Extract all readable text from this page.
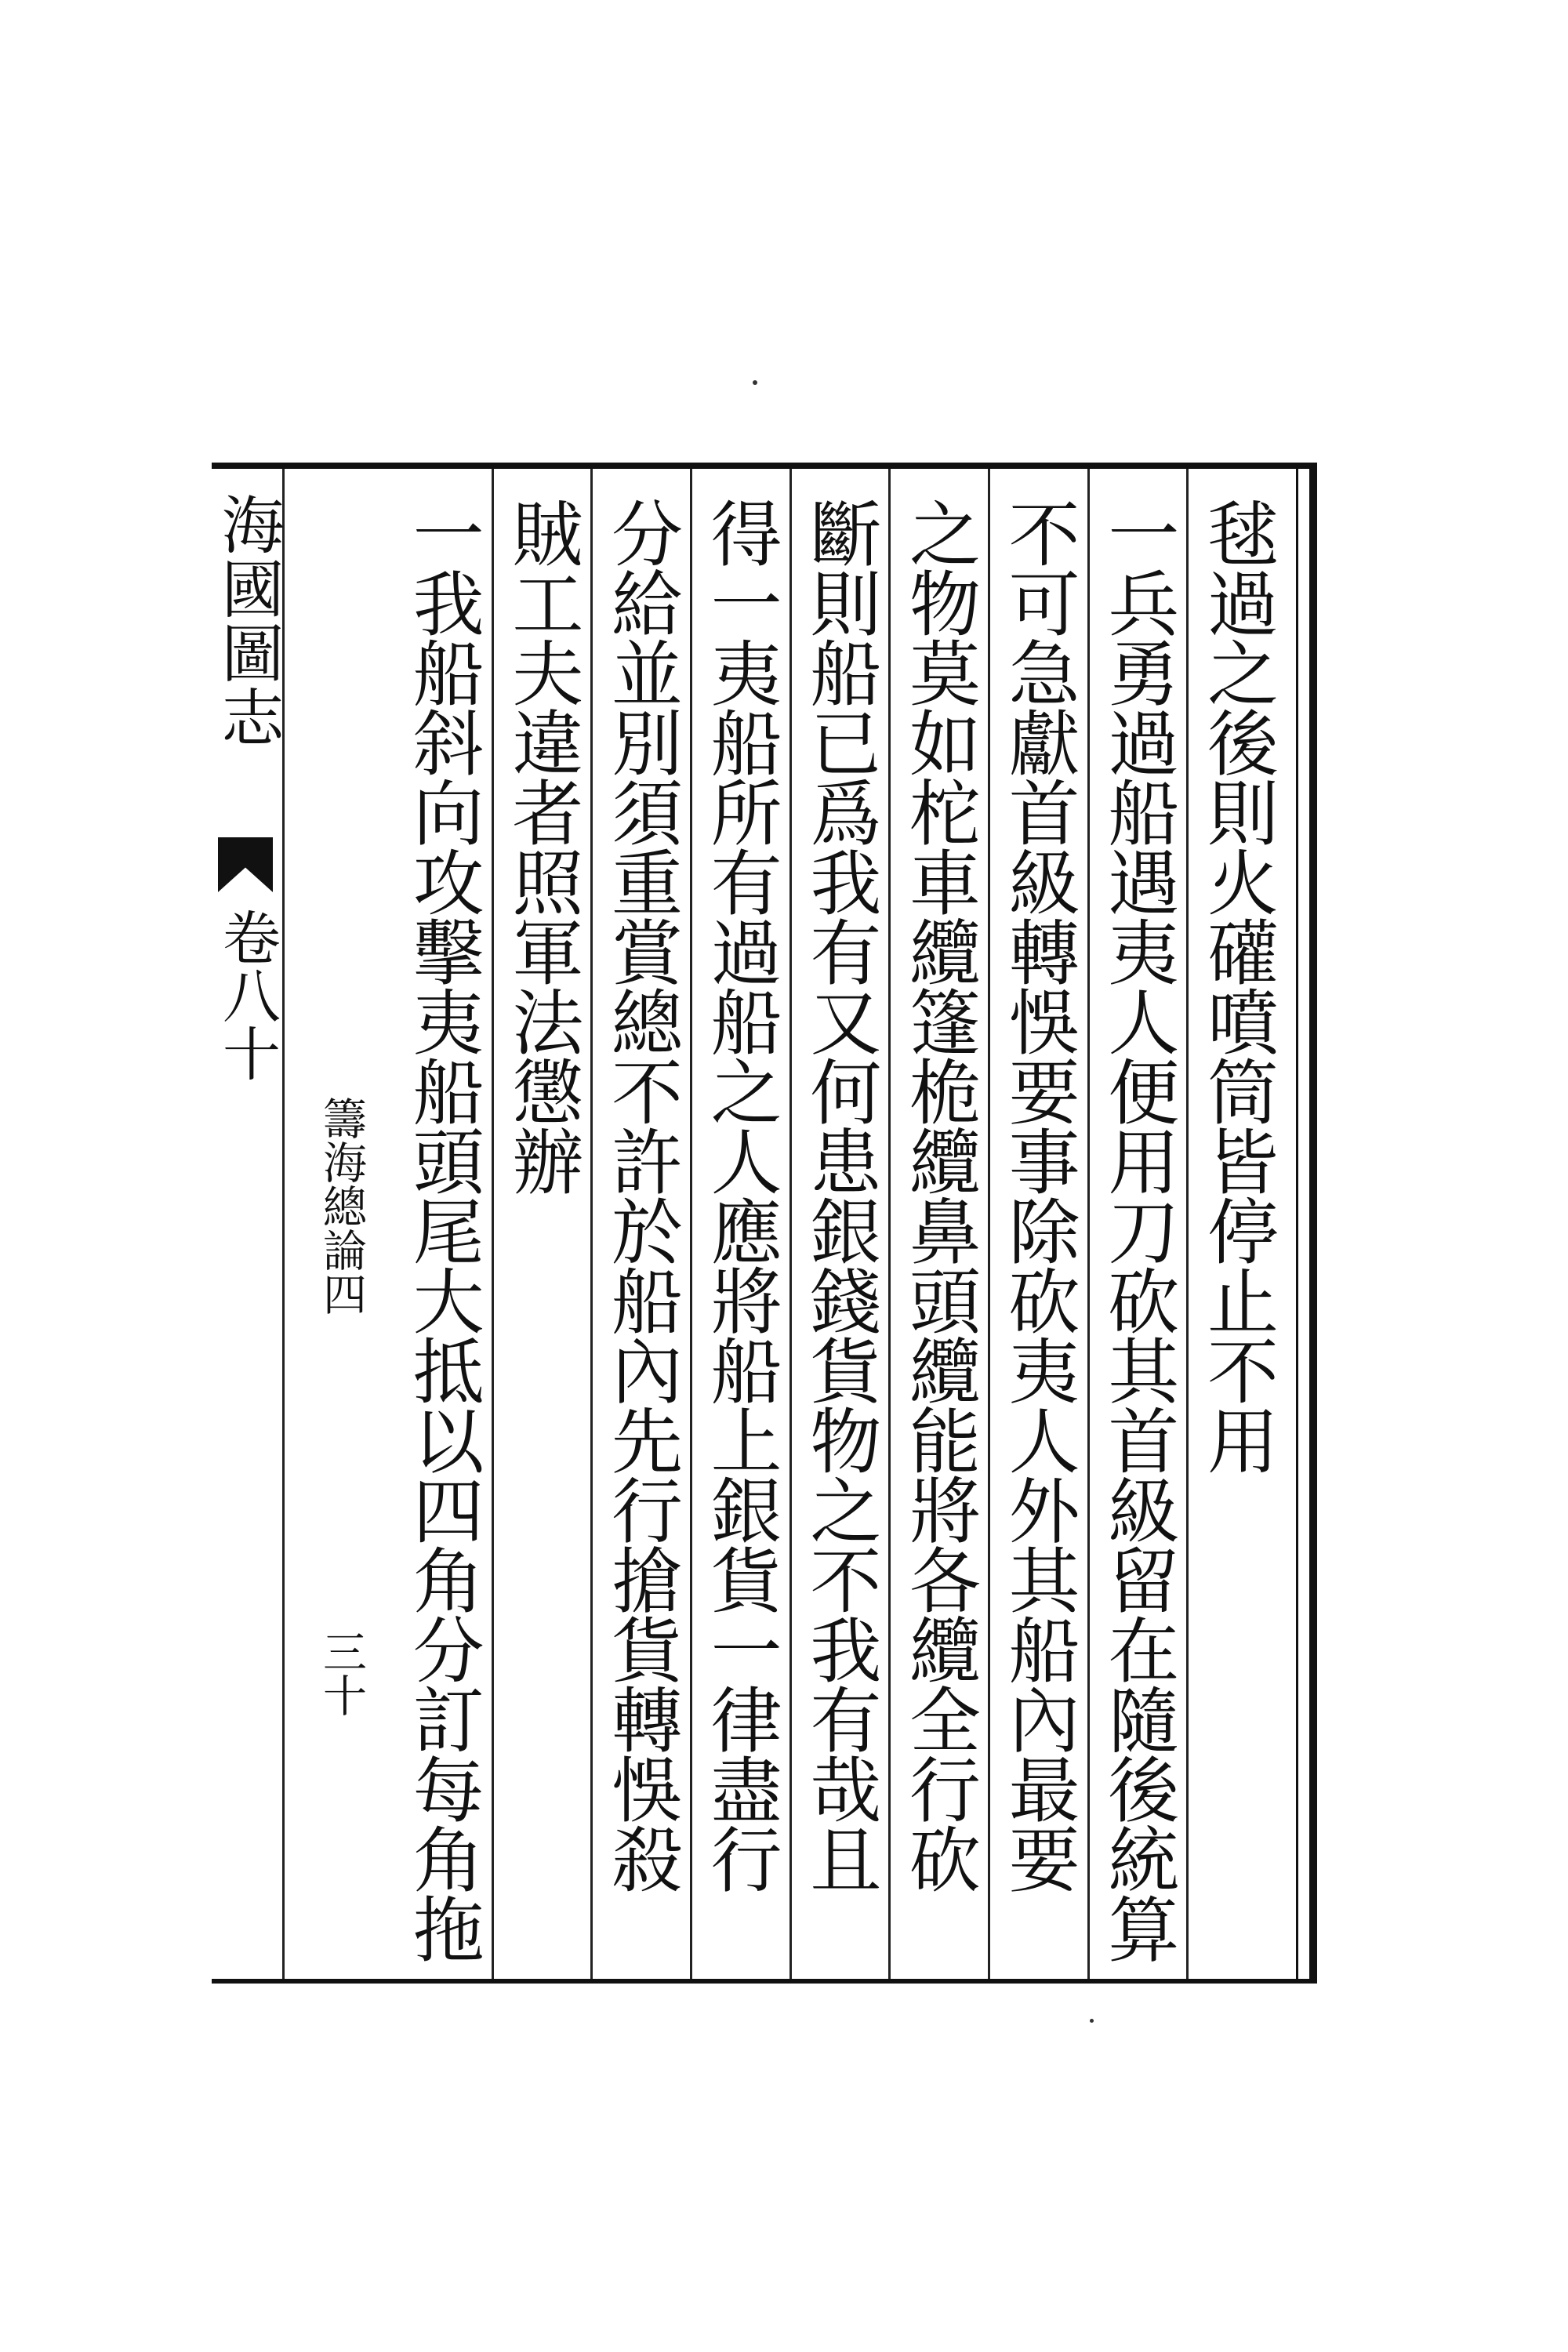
海國圖志
卷八十
籌海總論四
三十
毬過之後則火礶噴筒皆停止不用
一兵勇過船遇夷人便用刀砍其首級留在隨後統算
不可急獻首級轉悞要事除砍夷人外其船內最要
之物莫如柁車纜篷桅纜鼻頭纜能將各纜全行砍
斷則船已爲我有又何患銀錢貨物之不我有哉且
得一夷船所有過船之人應將船上銀貨一律盡行
分給並別須重賞總不許於船內先行搶貨轉悞殺
賊工夫違者照軍法懲辦
一我船斜向攻擊夷船頭尾大抵以四角分訂每角拖
